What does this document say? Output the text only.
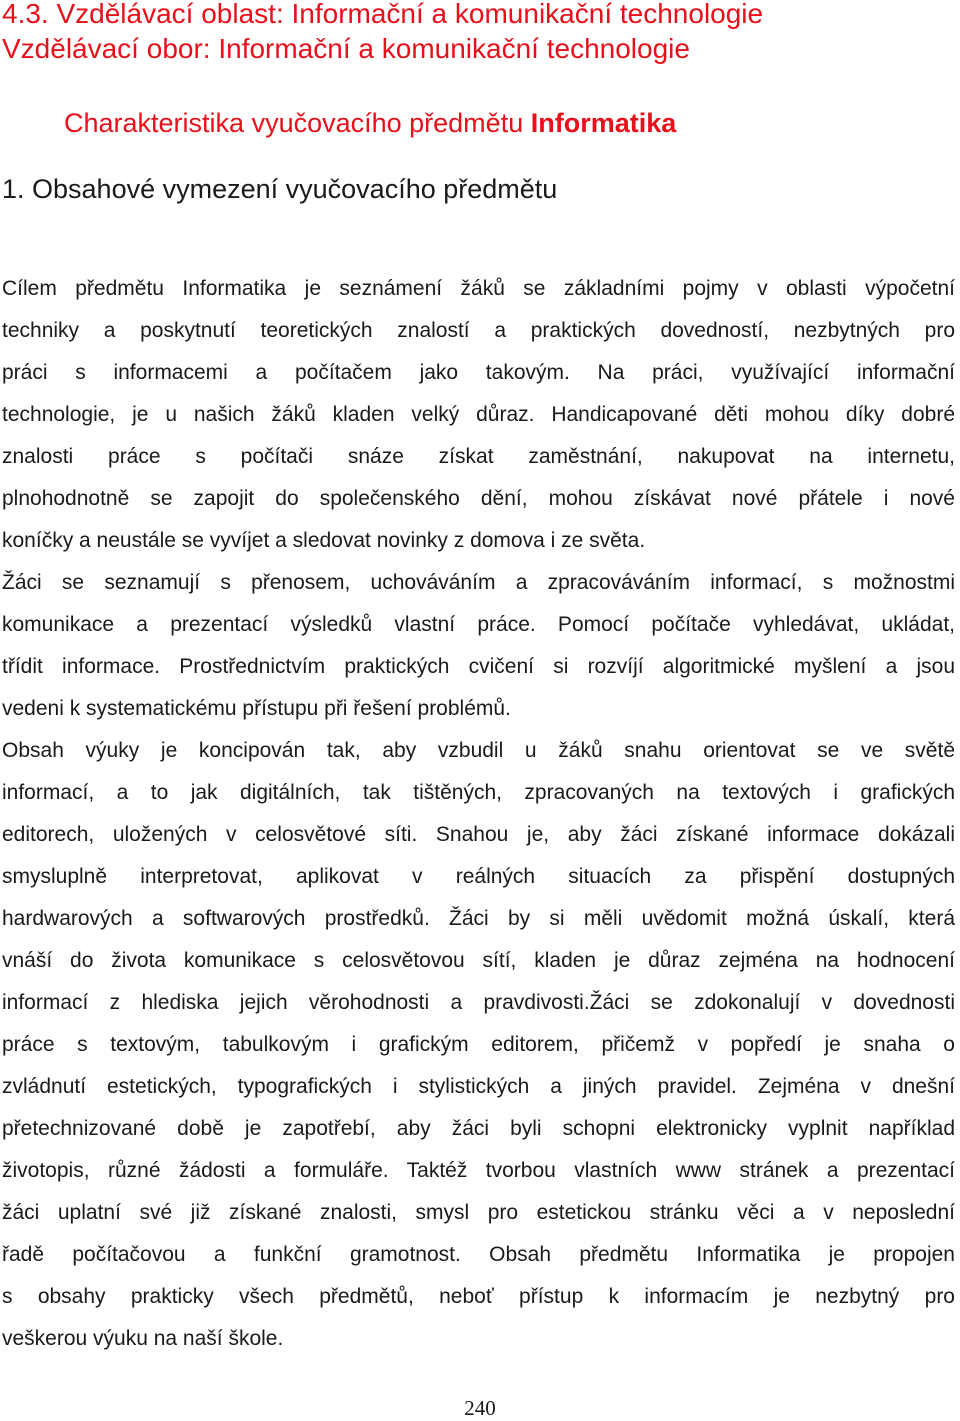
4.3. Vzdělávací oblast: Informační a komunikační technologie
Vzdělávací obor: Informační a komunikační technologie

Charakteristika vyučovacího předmětu Informatika

1. Obsahové vymezení vyučovacího předmětu
Cílem předmětu Informatika je seznámení žáků se základními pojmy v oblasti výpočetní
techniky a poskytnutí teoretických znalostí a praktických dovedností, nezbytných pro
práci s informacemi a počítačem jako takovým. Na práci, využívající informační
technologie, je u našich žáků kladen velký důraz. Handicapované děti mohou díky dobré
znalosti práce s počítači snáze získat zaměstnání, nakupovat na internetu,
plnohodnotně se zapojit do společenského dění, mohou získávat nové přátele i nové
koníčky a neustále se vyvíjet a sledovat novinky z domova i ze světa.
Žáci se seznamují s přenosem, uchováváním a zpracováváním informací, s možnostmi
komunikace a prezentací výsledků vlastní práce. Pomocí počítače vyhledávat, ukládat,
třídit informace. Prostřednictvím praktických cvičení si rozvíjí algoritmické myšlení a jsou
vedeni k systematickému přístupu při řešení problémů.
Obsah výuky je koncipován tak, aby vzbudil u žáků snahu orientovat se ve světě
informací, a to jak digitálních, tak tištěných, zpracovaných na textových i grafických
editorech, uložených v celosvětové síti. Snahou je, aby žáci získané informace dokázali
smysluplně interpretovat, aplikovat v reálných situacích za přispění dostupných
hardwarových a softwarových prostředků. Žáci by si měli uvědomit možná úskalí, která
vnáší do života komunikace s celosvětovou sítí, kladen je důraz zejména na hodnocení
informací z hlediska jejich věrohodnosti a pravdivosti.Žáci se zdokonalují v dovednosti
práce s textovým, tabulkovým i grafickým editorem, přičemž v popředí je snaha o
zvládnutí estetických, typografických i stylistických a jiných pravidel. Zejména v dnešní
přetechnizované době je zapotřebí, aby žáci byli schopni elektronicky vyplnit například
životopis, různé žádosti a formuláře. Taktéž tvorbou vlastních www stránek a prezentací
žáci uplatní své již získané znalosti, smysl pro estetickou stránku věci a v neposlední
řadě počítačovou a funkční gramotnost. Obsah předmětu Informatika je propojen
s obsahy prakticky všech předmětů, neboť přístup k informacím je nezbytný pro
veškerou výuku na naší škole.
240
